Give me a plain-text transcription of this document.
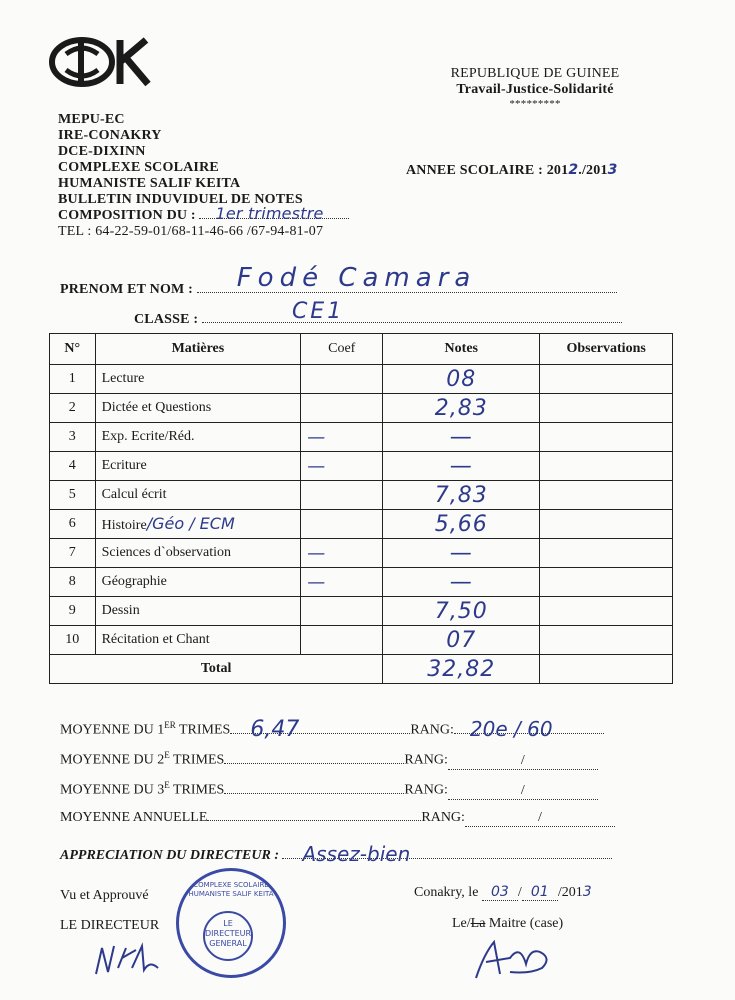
REPUBLIQUE DE GUINEE
Travail-Justice-Solidarité
*********
MEPU-EC
IRE-CONAKRY
DCE-DIXINN
COMPLEXE SCOLAIRE
HUMANISTE SALIF KEITA
BULLETIN INDUVIDUEL DE NOTES
COMPOSITION DU : 1er trimestre
TEL : 64-22-59-01/68-11-46-66 /67-94-81-07
ANNEE SCOLAIRE : 2012./2013
PRENOM ET NOM : Fodé Camara
CLASSE :	CE1
N°	Matières	Coef	Notes	Observations
1	Lecture		08	
2	Dictée et Questions		2,83	
3	Exp. Ecrite/Réd.	—	—	
4	Ecriture	—	—	
5	Calcul écrit		7,83	
6	Histoire/Géo / ECM		5,66	
7	Sciences d`observation	—	—	
8	Géographie	—	—	
9	Dessin		7,50	
10	Récitation et Chant		07	
Total			32,82	
MOYENNE DU 1ER TRIMES 6,47	RANG: 20e / 60
MOYENNE DU $2^E$ TRIMES	RANG:	/
MOYENNE DU $3^E$ TRIMES	RANG:	/
MOYENNE ANNUELLE	RANG:	/
APPRECIATION DU DIRECTEUR : Assez-bien
Vu et Approuvé
LE DIRECTEUR
COMPLEXE SCOLAIRE HUMANISTE SALIF KEITA
LE DIRECTEUR GENERAL
Conakry, le 03 / 01 /2013
Le/La Maitre (case)
